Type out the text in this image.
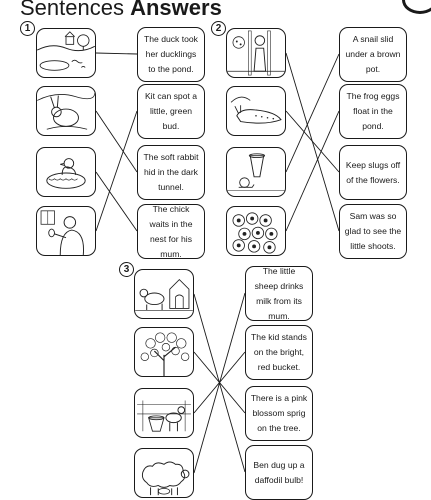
Sentences Answers
1
The duck took her ducklings to the pond.
Kit can spot a little, green bud.
The soft rabbit hid in the dark tunnel.
The chick waits in the nest for his mum.
2
A snail slid under a brown pot.
The frog eggs float in the pond.
Keep slugs off of the flowers.
Sam was so glad to see the little shoots.
3	The little sheep drinks milk from its mum.
The kid stands on the bright, red bucket.
There is a pink blossom sprig on the tree.
Ben dug up a daffodil bulb!
